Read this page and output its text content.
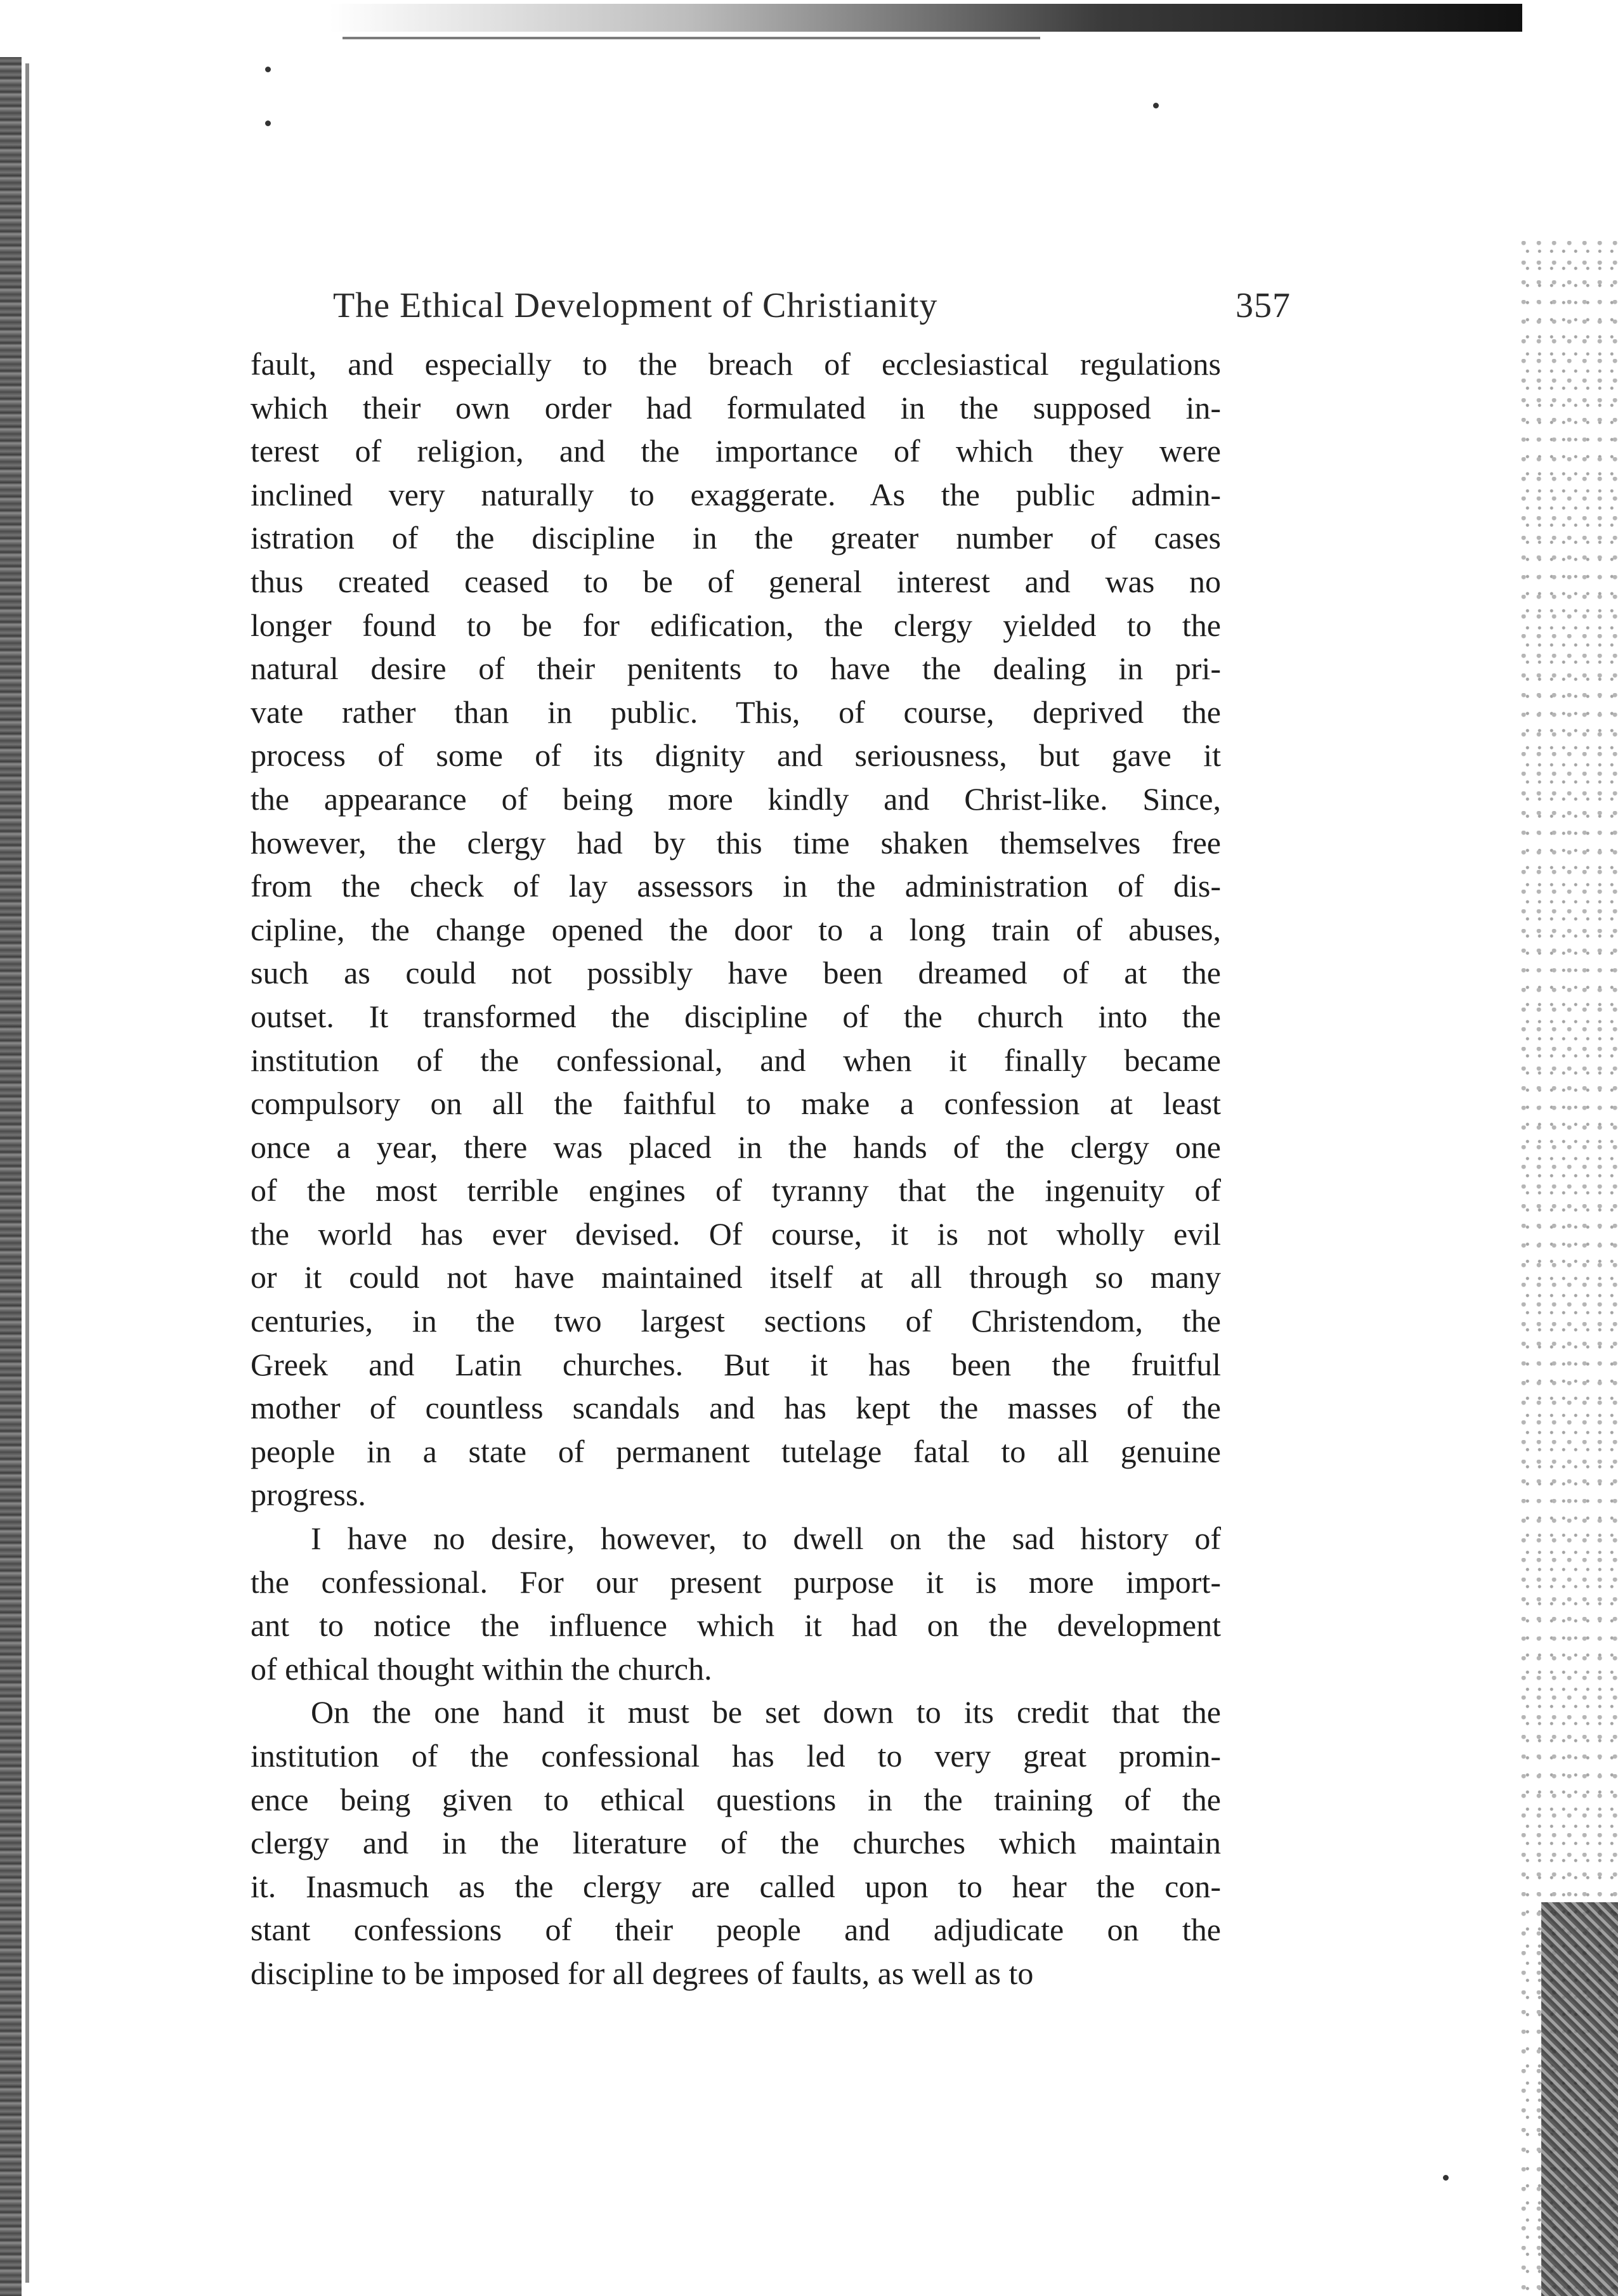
The Ethical Development of Christianity	357
fault, and especially to the breach of ecclesiastical regulations
which their own order had formulated in the supposed in-
terest of religion, and the importance of which they were
inclined very naturally to exaggerate. As the public admin-
istration of the discipline in the greater number of cases
thus created ceased to be of general interest and was no
longer found to be for edification, the clergy yielded to the
natural desire of their penitents to have the dealing in pri-
vate rather than in public. This, of course, deprived the
process of some of its dignity and seriousness, but gave it
the appearance of being more kindly and Christ-like. Since,
however, the clergy had by this time shaken themselves free
from the check of lay assessors in the administration of dis-
cipline, the change opened the door to a long train of abuses,
such as could not possibly have been dreamed of at the
outset. It transformed the discipline of the church into the
institution of the confessional, and when it finally became
compulsory on all the faithful to make a confession at least
once a year, there was placed in the hands of the clergy one
of the most terrible engines of tyranny that the ingenuity of
the world has ever devised. Of course, it is not wholly evil
or it could not have maintained itself at all through so many
centuries, in the two largest sections of Christendom, the
Greek and Latin churches. But it has been the fruitful
mother of countless scandals and has kept the masses of the
people in a state of permanent tutelage fatal to all genuine
progress.
I have no desire, however, to dwell on the sad history of
the confessional. For our present purpose it is more import-
ant to notice the influence which it had on the development
of ethical thought within the church.
On the one hand it must be set down to its credit that the
institution of the confessional has led to very great promin-
ence being given to ethical questions in the training of the
clergy and in the literature of the churches which maintain
it. Inasmuch as the clergy are called upon to hear the con-
stant confessions of their people and adjudicate on the
discipline to be imposed for all degrees of faults, as well as to
